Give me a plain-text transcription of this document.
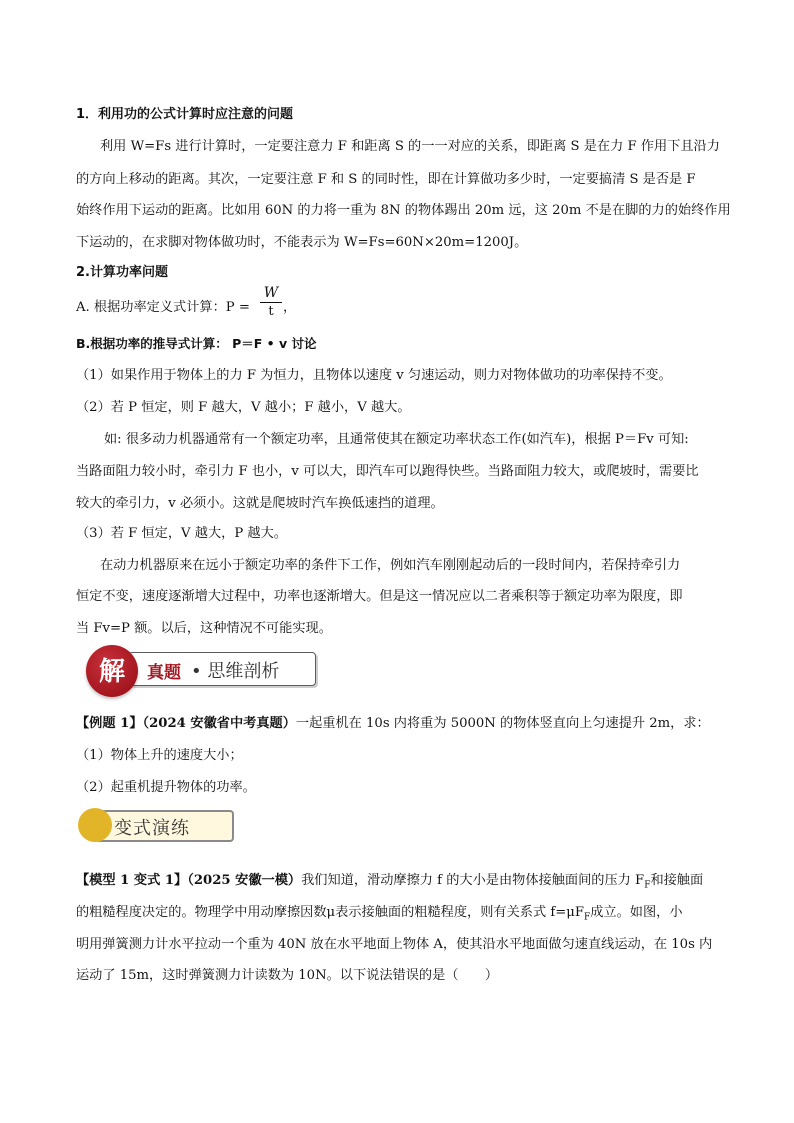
1．利用功的公式计算时应注意的问题
利用 W=Fs 进行计算时，一定要注意力 F 和距离 S 的一一对应的关系，即距离 S 是在力 F 作用下且沿力
的方向上移动的距离。其次，一定要注意 F 和 S 的同时性，即在计算做功多少时，一定要搞清 S 是否是 F
始终作用下运动的距离。比如用 60N 的力将一重为 8N 的物体踢出 20m 远，这 20m 不是在脚的力的始终作用
下运动的，在求脚对物体做功时，不能表示为 W=Fs=60N×20m=1200J。
2.计算功率问题
A. 根据功率定义式计算：P =
W
t ，
B.根据功率的推导式计算： P＝F • v 讨论
（1）如果作用于物体上的力 F 为恒力，且物体以速度 v 匀速运动，则力对物体做功的功率保持不变。
（2）若 P 恒定，则 F 越大，V 越小；F 越小，V 越大。
如: 很多动力机器通常有一个额定功率，且通常使其在额定功率状态工作(如汽车)，根据 P＝Fv 可知:
当路面阻力较小时，牵引力 F 也小，v 可以大，即汽车可以跑得快些。当路面阻力较大，或爬坡时，需要比
较大的牵引力，v 必须小。这就是爬坡时汽车换低速挡的道理。
（3）若 F 恒定，V 越大，P 越大。
在动力机器原来在远小于额定功率的条件下工作，例如汽车刚刚起动后的一段时间内，若保持牵引力
恒定不变，速度逐渐增大过程中，功率也逐渐增大。但是这一情况应以二者乘积等于额定功率为限度，即
当 Fv=P 额。以后，这种情况不可能实现。
真题 • 思维剖析
解
【例题 1】（2024 安徽省中考真题）一起重机在 10s 内将重为 5000N 的物体竖直向上匀速提升 2m，求：
（1）物体上升的速度大小；
（2）起重机提升物体的功率。
变式演练
【模型 1 变式 1】（2025 安徽一模）我们知道，滑动摩擦力 f 的大小是由物体接触面间的压力 $F_F$和接触面
的粗糙程度决定的。物理学中用动摩擦因数μ表示接触面的粗糙程度，则有关系式 $f=\mu F_F$成立。如图，小
明用弹簧测力计水平拉动一个重为 40N 放在水平地面上物体 A，使其沿水平地面做匀速直线运动，在 10s 内
运动了 15m，这时弹簧测力计读数为 10N。以下说法错误的是（　　）
